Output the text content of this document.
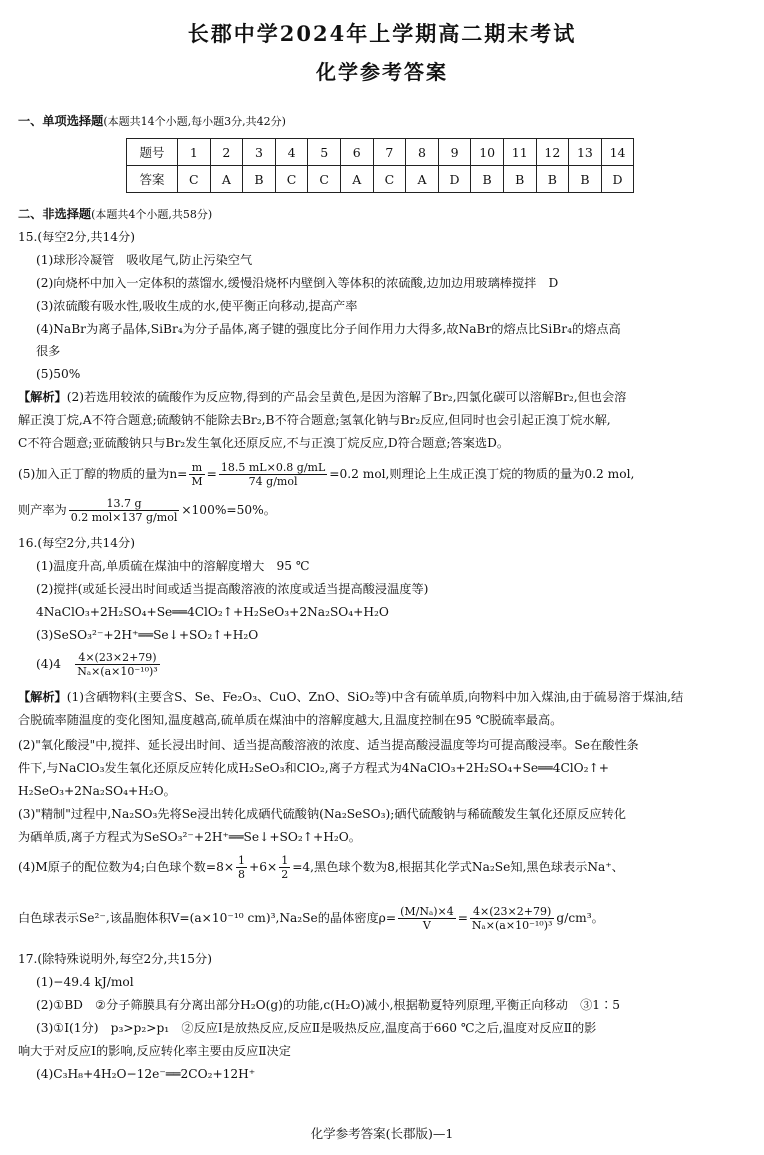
长郡中学2024年上学期高二期末考试
化学参考答案
一、单项选择题(本题共14个小题,每小题3分,共42分)
题号	1	2	3	4	5	6	7	8	9	10	11	12	13	14
答案	C	A	B	C	C	A	C	A	D	B	B	B	B	D
二、非选择题(本题共4个小题,共58分)
15.(每空2分,共14分)
(1)球形冷凝管　吸收尾气,防止污染空气
(2)向烧杯中加入一定体积的蒸馏水,缓慢沿烧杯内壁倒入等体积的浓硫酸,边加边用玻璃棒搅拌　D
(3)浓硫酸有吸水性,吸收生成的水,使平衡正向移动,提高产率
(4)NaBr为离子晶体,SiBr₄为分子晶体,离子键的强度比分子间作用力大得多,故NaBr的熔点比SiBr₄的熔点高
很多
(5)50%
【解析】(2)若选用较浓的硫酸作为反应物,得到的产品会呈黄色,是因为溶解了Br₂,四氯化碳可以溶解Br₂,但也会溶
解正溴丁烷,A不符合题意;硫酸钠不能除去Br₂,B不符合题意;氢氧化钠与Br₂反应,但同时也会引起正溴丁烷水解,
C不符合题意;亚硫酸钠只与Br₂发生氧化还原反应,不与正溴丁烷反应,D符合题意;答案选D。
(5)加入正丁醇的物质的量为$n= \frac{m}{M} = \frac{18.5 mL\times 0.8 g/mL}{\text{74 g/mol}} =0.2$ mol,则理论上生成正溴丁烷的物质的量为0.2 mol,
则产率为 $\frac{13.7 g}{\text{0.2 mol×137 g/mol}} \times 100\%=50\%$。
16.(每空2分,共14分)
(1)温度升高,单质硫在煤油中的溶解度增大　95 ℃
(2)搅拌(或延长浸出时间或适当提高酸溶液的浓度或适当提高酸浸温度等)
4NaClO₃+2H₂SO₄+Se══4ClO₂↑+H₂SeO₃+2Na₂SO₄+H₂O
(3)SeSO₃²⁻+2H⁺══Se↓+SO₂↑+H₂O
(4)4　 $\frac{4\times(23\times 2+79)}{\text{Nₐ×(a×10⁻¹⁰)³}}$
【解析】(1)含硒物料(主要含S、Se、Fe₂O₃、CuO、ZnO、SiO₂等)中含有硫单质,向物料中加入煤油,由于硫易溶于煤油,结
合脱硫率随温度的变化图知,温度越高,硫单质在煤油中的溶解度越大,且温度控制在95 ℃脱硫率最高。
(2)"氧化酸浸"中,搅拌、延长浸出时间、适当提高酸溶液的浓度、适当提高酸浸温度等均可提高酸浸率。Se在酸性条
件下,与NaClO₃发生氧化还原反应转化成H₂SeO₃和ClO₂,离子方程式为4NaClO₃+2H₂SO₄+Se══4ClO₂↑+
H₂SeO₃+2Na₂SO₄+H₂O。
(3)"精制"过程中,Na₂SO₃先将Se浸出转化成硒代硫酸钠(Na₂SeSO₃);硒代硫酸钠与稀硫酸发生氧化还原反应转化
为硒单质,离子方程式为SeSO₃²⁻+2H⁺══Se↓+SO₂↑+H₂O。
(4)M原子的配位数为4;白色球个数$=8\times \frac{1}{8} +6\times \frac{1}{2} =4$,黑色球个数为8,根据其化学式Na₂Se知,黑色球表示Na⁺、
白色球表示Se²⁻,该晶胞体积V=(a×10⁻¹⁰ cm)³,Na₂Se的晶体密度$\rho= \frac{\text{(M/Nₐ)×4}}{V} = \frac{4\times(23\times 2+79)}{\text{Nₐ×(a×10⁻¹⁰)³}} g/cm^3$。
17.(除特殊说明外,每空2分,共15分)
(1)−49.4 kJ/mol
(2)①BD　②分子筛膜具有分离出部分H₂O(g)的功能,c(H₂O)减小,根据勒夏特列原理,平衡正向移动　③1∶5
(3)①Ⅰ(1分)　p₃>p₂>p₁　②反应Ⅰ是放热反应,反应Ⅱ是吸热反应,温度高于660 ℃之后,温度对反应Ⅱ的影
响大于对反应Ⅰ的影响,反应转化率主要由反应Ⅱ决定
(4)C₃H₈+4H₂O−12e⁻══2CO₂+12H⁺
化学参考答案(长郡版)—1
